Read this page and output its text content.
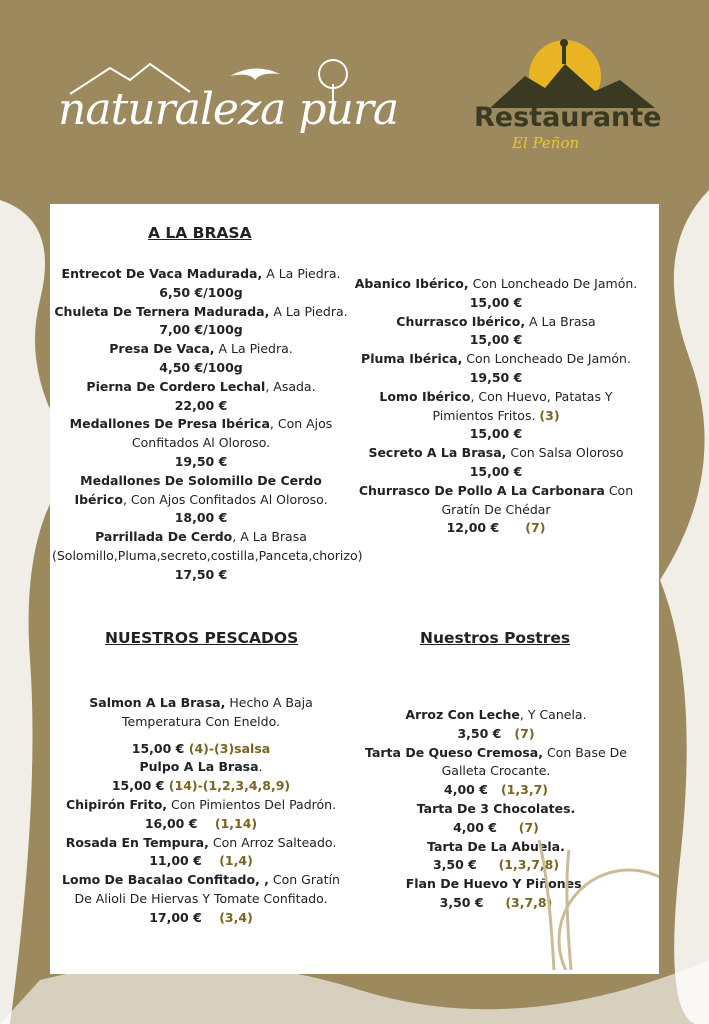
naturaleza pura	Restaurante
El Peñon
A LA BRASA
NUESTROS PESCADOS	Nuestros Postres
Entrecot De Vaca Madurada, A La Piedra.
6,50 €/100g
Chuleta De Ternera Madurada, A La Piedra.
7,00 €/100g
Presa De Vaca, A La Piedra.
4,50 €/100g
Pierna De Cordero Lechal, Asada.
22,00 €
Medallones De Presa Ibérica, Con Ajos Confitados Al Oloroso.
19,50 €
Medallones De Solomillo De Cerdo Ibérico, Con Ajos Confitados Al Oloroso.
18,00 €
Parrillada De Cerdo, A La Brasa (Solomillo,Pluma,secreto,costilla,Panceta,chorizo)
17,50 €
Abanico Ibérico, Con Loncheado De Jamón.
15,00 €
Churrasco Ibérico, A La Brasa
15,00 €
Pluma Ibérica, Con Loncheado De Jamón.
19,50 €
Lomo Ibérico, Con Huevo, Patatas Y Pimientos Fritos. (3)
15,00 €
Secreto A La Brasa, Con Salsa Oloroso
15,00 €
Churrasco De Pollo A La Carbonara Con Gratín De Chédar
12,00 € (7)
Salmon A La Brasa, Hecho A Baja Temperatura Con Eneldo.
15,00 € (4)-(3)salsa
Pulpo A La Brasa.
15,00 € (14)-(1,2,3,4,8,9)
Chipirón Frito, Con Pimientos Del Padrón.
16,00 € (1,14)
Rosada En Tempura, Con Arroz Salteado.
11,00 € (1,4)
Lomo De Bacalao Confitado, , Con Gratín De Alioli De Hiervas Y Tomate Confitado.
17,00 € (3,4)
Arroz Con Leche, Y Canela.
3,50 € (7)
Tarta De Queso Cremosa, Con Base De Galleta Crocante.
4,00 € (1,3,7)
Tarta De 3 Chocolates.
4,00 € (7)
Tarta De La Abuela.
3,50 € (1,3,7,8)
Flan De Huevo Y Piñones.
3,50 € (3,7,8)
